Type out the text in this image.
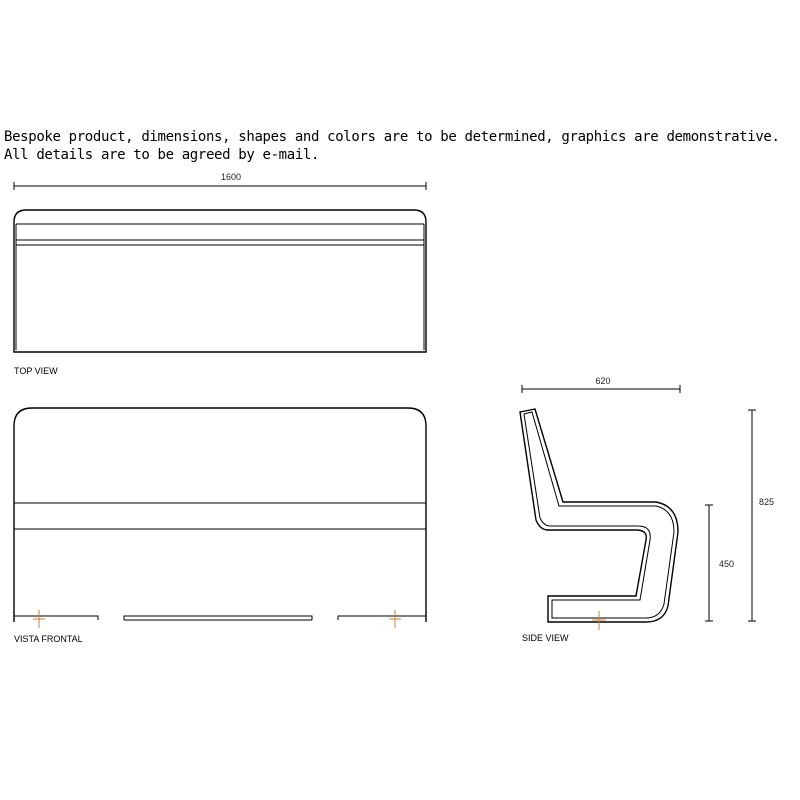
Bespoke product, dimensions, shapes and colors are to be determined, graphics are demonstrative. All details are to be agreed by e-mail.
1600
TOP VIEW
VISTA FRONTAL
620
450
825
SIDE VIEW
